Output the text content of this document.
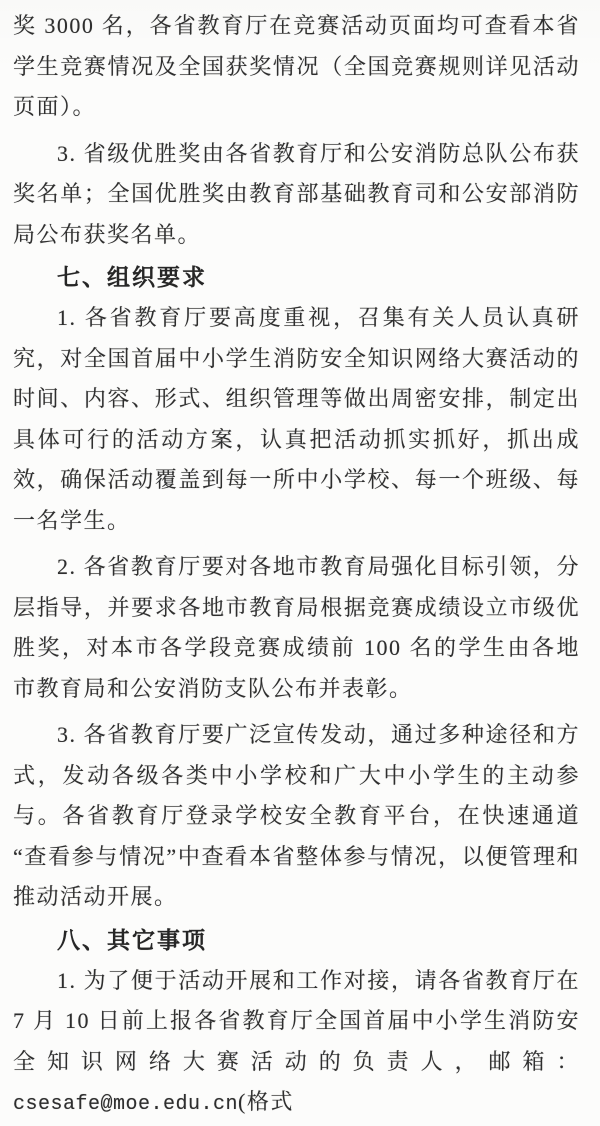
奖 3000 名，各省教育厅在竞赛活动页面均可查看本省学生竞赛情况及全国获奖情况（全国竞赛规则详见活动页面）。

3. 省级优胜奖由各省教育厅和公安消防总队公布获奖名单；全国优胜奖由教育部基础教育司和公安部消防局公布获奖名单。

七、组织要求

1. 各省教育厅要高度重视，召集有关人员认真研究，对全国首届中小学生消防安全知识网络大赛活动的时间、内容、形式、组织管理等做出周密安排，制定出具体可行的活动方案，认真把活动抓实抓好，抓出成效，确保活动覆盖到每一所中小学校、每一个班级、每一名学生。

2. 各省教育厅要对各地市教育局强化目标引领，分层指导，并要求各地市教育局根据竞赛成绩设立市级优胜奖，对本市各学段竞赛成绩前 100 名的学生由各地市教育局和公安消防支队公布并表彰。

3. 各省教育厅要广泛宣传发动，通过多种途径和方式，发动各级各类中小学校和广大中小学生的主动参与。各省教育厅登录学校安全教育平台，在快速通道“查看参与情况”中查看本省整体参与情况，以便管理和推动活动开展。

八、其它事项

1. 为了便于活动开展和工作对接，请各省教育厅在 7 月 10 日前上报各省教育厅全国首届中小学生消防安全知识网络大赛活动的负责人，邮箱：csesafe@moe.edu.cn(格式
